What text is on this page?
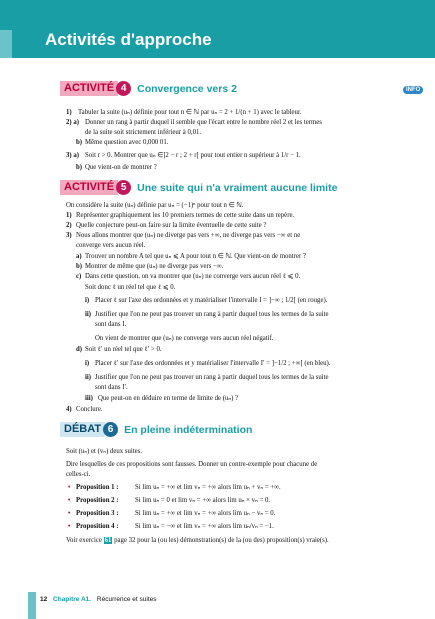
Activités d'approche
ACTIVITÉ 4	Convergence vers 2	INFO
1) Tabuler la suite (uₙ) définie pour tout n ∈ ℕ par uₙ = 2 + 1/(n + 1) avec le tableur.
2) a) Donner un rang à partir duquel il semble que l'écart entre le nombre réel 2 et les termes
de la suite soit strictement inférieur à 0,01.
b) Même question avec 0,000 01.
3) a) Soit r > 0. Montrer que uₙ ∈]2 − r ; 2 + r[ pour tout entier n supérieur à 1/r − 1.
b) Que vient-on de montrer ?
ACTIVITÉ 5	Une suite qui n'a vraiment aucune limite
On considère la suite (uₙ) définie par uₙ = (−1)ⁿ pour tout n ∈ ℕ.
1) Représenter graphiquement les 10 premiers termes de cette suite dans un repère.
2) Quelle conjecture peut-on faire sur la limite éventuelle de cette suite ?
3) Nous allons montrer que (uₙ) ne diverge pas vers +∞, ne diverge pas vers −∞ et ne
converge vers aucun réel.
a) Trouver un nombre A tel que uₙ ⩽ A pour tout n ∈ ℕ. Que vient-on de montrer ?
b) Montrer de même que (uₙ) ne diverge pas vers −∞.
c) Dans cette question, on va montrer que (uₙ) ne converge vers aucun réel ℓ ⩽ 0.
Soit donc ℓ un réel tel que ℓ ⩽ 0.
i) Placer ℓ sur l'axe des ordonnées et y matérialiser l'intervalle I = ]−∞ ; 1/2[ (en rouge).
ii) Justifier que l'on ne peut pas trouver un rang à partir duquel tous les termes de la suite
sont dans I.
On vient de montrer que (uₙ) ne converge vers aucun réel négatif.
d) Soit ℓ′ un réel tel que ℓ′ > 0.
i) Placer ℓ′ sur l'axe des ordonnées et y matérialiser l'intervalle I′ = ]−1/2 ; +∞[ (en bleu).
ii) Justifier que l'on ne peut pas trouver un rang à partir duquel tous les termes de la suite
sont dans I′.
iii) Que peut-on en déduire en terme de limite de (uₙ) ?
4) Conclure.
DÉBAT 6	En pleine indétermination
Soit (uₙ) et (vₙ) deux suites.
Dire lesquelles de ces propositions sont fausses. Donner un contre-exemple pour chacune de
celles-ci.
• Proposition 1 : Si lim uₙ = +∞ et lim vₙ = +∞ alors lim uₙ + vₙ = +∞.
• Proposition 2 : Si lim uₙ = 0 et lim vₙ = +∞ alors lim uₙ × vₙ = 0.
• Proposition 3 : Si lim uₙ = +∞ et lim vₙ = +∞ alors lim uₙ − vₙ = 0.
• Proposition 4 : Si lim uₙ = −∞ et lim vₙ = +∞ alors lim uₙ/vₙ = −1.
Voir exercice 61 page 32 pour la (ou les) démonstration(s) de la (ou des) proposition(s) vraie(s).
12 Chapitre A1. Récurrence et suites
